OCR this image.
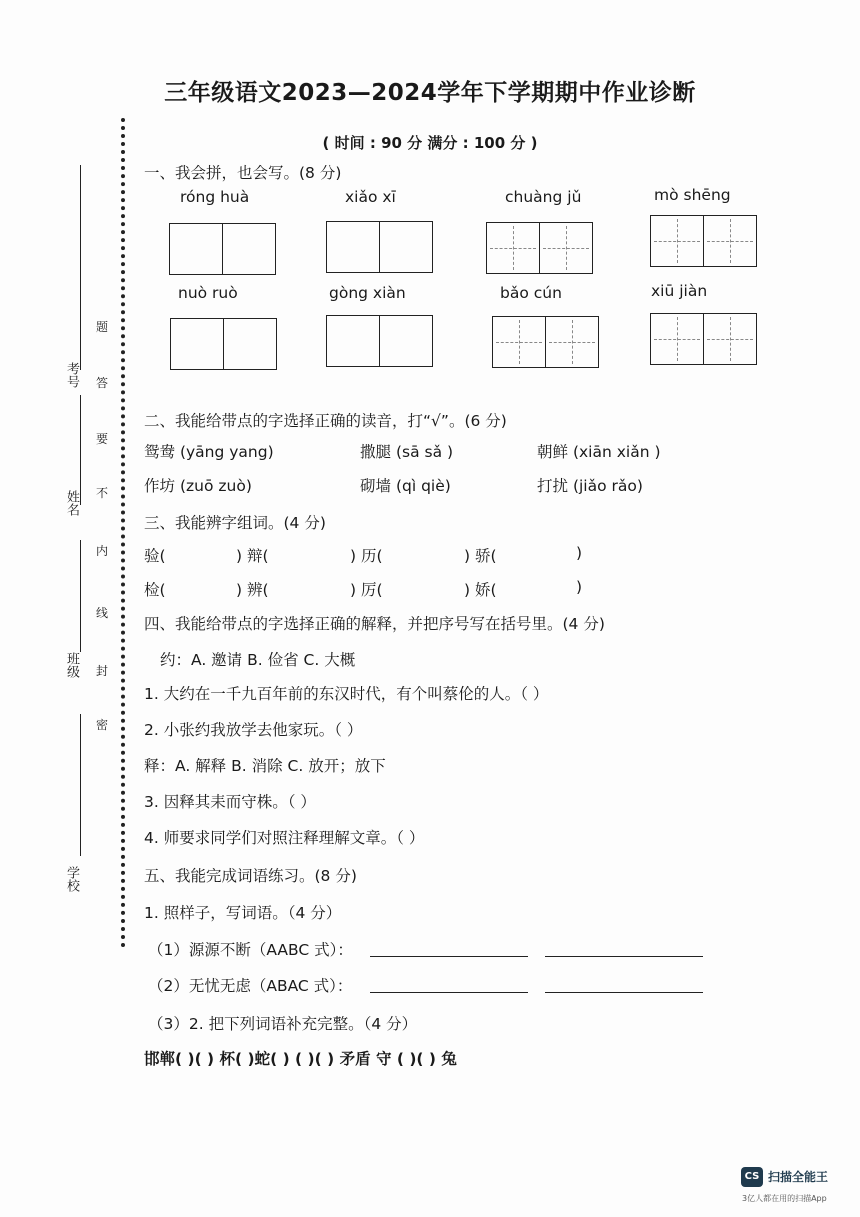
三年级语文2023—2024学年下学期期中作业诊断
( 时间 : 90 分 满分 : 100 分 )
考号
姓名
班级
学校
题
答
要
不
内
线
封
密
一、我会拼，也会写。(8 分)
róng huà	xiǎo xī	chuàng jǔ	mò shēng
nuò ruò	gòng xiàn	bǎo cún	xiū jiàn
二、我能给带点的字选择正确的读音，打“√”。(6 分)
鸳鸯 (yāng yang)	撒腿 (sā sǎ )	朝鲜 (xiān xiǎn )
作坊 (zuō zuò)	砌墙 (qì qiè)	打扰 (jiǎo rǎo)
三、我能辨字组词。(4 分)
验(	) 辩(	) 历(	) 骄(	)
检(	) 辨(	) 厉(	) 娇(	)
四、我能给带点的字选择正确的解释，并把序号写在括号里。(4 分)
约：A. 邀请 B. 俭省 C. 大概
1. 大约在一千九百年前的东汉时代，有个叫蔡伦的人。（ ）
2. 小张约我放学去他家玩。（ ）
释：A. 解释 B. 消除 C. 放开；放下
3. 因释其耒而守株。（ ）
4. 师要求同学们对照注释理解文章。（ ）
五、我能完成词语练习。(8 分)
1. 照样子，写词语。（4 分）
（1）源源不断（AABC 式）：
（2）无忧无虑（ABAC 式）：
（3）2. 把下列词语补充完整。（4 分）
邯郸( )( ) 杯( )蛇( ) ( )( ) 矛盾 守 ( )( ) 兔
CS 扫描全能王
3亿人都在用的扫描App
